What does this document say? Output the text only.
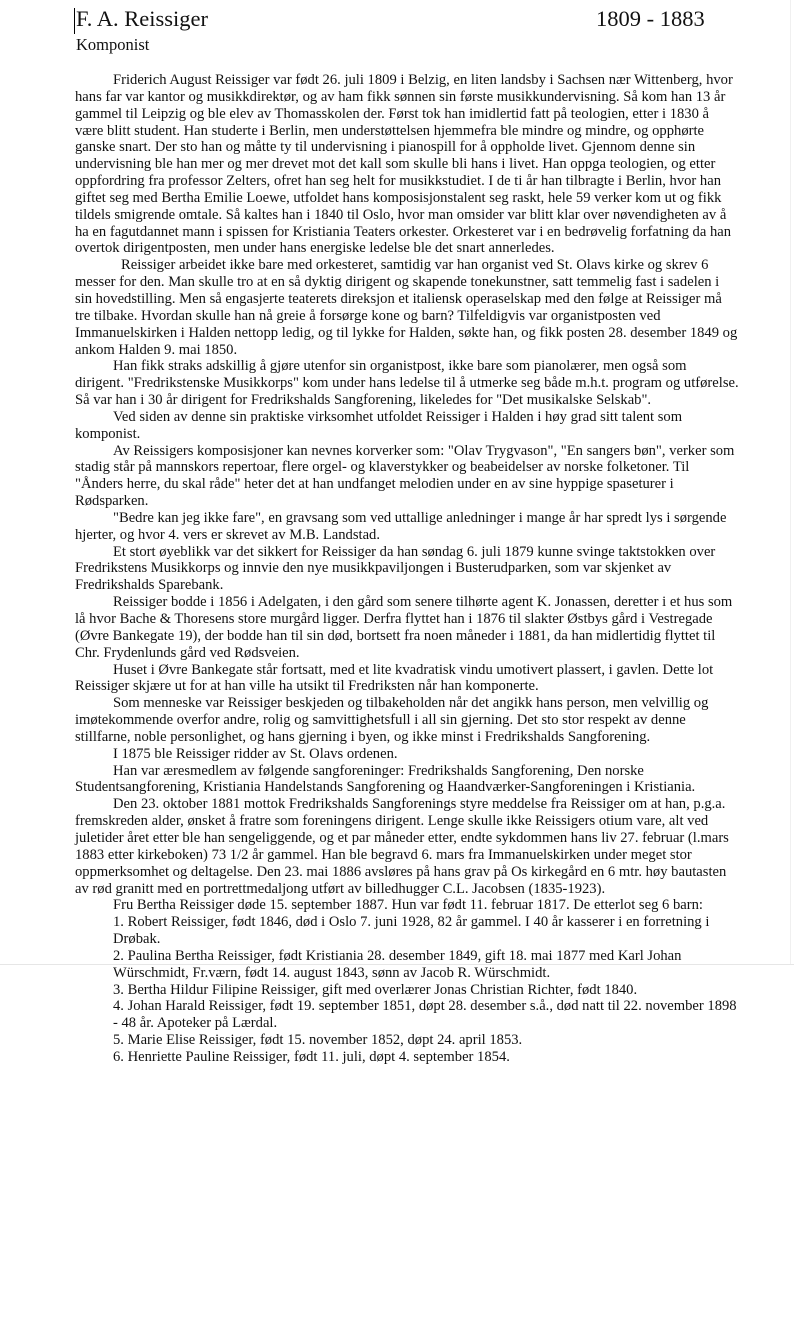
F. A. Reissiger	1809 - 1883
Komponist

Friderich August Reissiger var født 26. juli 1809 i Belzig, en liten landsby i Sachsen nær Wittenberg, hvor hans far var kantor og musikkdirektør, og av ham fikk sønnen sin første musikkundervisning. Så kom han 13 år gammel til Leipzig og ble elev av Thomasskolen der. Først tok han imidlertid fatt på teologien, etter i 1830 å være blitt student. Han studerte i Berlin, men understøttelsen hjemmefra ble mindre og mindre, og opphørte ganske snart. Der sto han og måtte ty til undervisning i pianospill for å oppholde livet. Gjennom denne sin undervisning ble han mer og mer drevet mot det kall som skulle bli hans i livet. Han oppga teologien, og etter oppfordring fra professor Zelters, ofret han seg helt for musikkstudiet. I de ti år han tilbragte i Berlin, hvor han giftet seg med Bertha Emilie Loewe, utfoldet hans komposisjonstalent seg raskt, hele 59 verker kom ut og fikk tildels smigrende omtale. Så kaltes han i 1840 til Oslo, hvor man omsider var blitt klar over nøvendigheten av å ha en fagutdannet mann i spissen for Kristiania Teaters orkester. Orkesteret var i en bedrøvelig forfatning da han overtok dirigentposten, men under hans energiske ledelse ble det snart annerledes.

Reissiger arbeidet ikke bare med orkesteret, samtidig var han organist ved St. Olavs kirke og skrev 6 messer for den. Man skulle tro at en så dyktig dirigent og skapende tonekunstner, satt temmelig fast i sadelen i sin hovedstilling. Men så engasjerte teaterets direksjon et italiensk operaselskap med den følge at Reissiger må tre tilbake. Hvordan skulle han nå greie å forsørge kone og barn? Tilfeldigvis var organistposten ved Immanuelskirken i Halden nettopp ledig, og til lykke for Halden, søkte han, og fikk posten 28. desember 1849 og ankom Halden 9. mai 1850.

Han fikk straks adskillig å gjøre utenfor sin organistpost, ikke bare som pianolærer, men også som dirigent. "Fredrikstenske Musikkorps" kom under hans ledelse til å utmerke seg både m.h.t. program og utførelse. Så var han i 30 år dirigent for Fredrikshalds Sangforening, likeledes for "Det musikalske Selskab".

Ved siden av denne sin praktiske virksomhet utfoldet Reissiger i Halden i høy grad sitt talent som komponist.

Av Reissigers komposisjoner kan nevnes korverker som: "Olav Trygvason", "En sangers bøn", verker som stadig står på mannskors repertoar, flere orgel- og klaverstykker og beabeidelser av norske folketoner. Til "Ånders herre, du skal råde" heter det at han undfanget melodien under en av sine hyppige spaseturer i Rødsparken.

"Bedre kan jeg ikke fare", en gravsang som ved uttallige anledninger i mange år har spredt lys i sørgende hjerter, og hvor 4. vers er skrevet av M.B. Landstad.

Et stort øyeblikk var det sikkert for Reissiger da han søndag 6. juli 1879 kunne svinge taktstokken over Fredrikstens Musikkorps og innvie den nye musikkpaviljongen i Busterudparken, som var skjenket av Fredrikshalds Sparebank.

Reissiger bodde i 1856 i Adelgaten, i den gård som senere tilhørte agent K. Jonassen, deretter i et hus som lå hvor Bache & Thoresens store murgård ligger. Derfra flyttet han i 1876 til slakter Østbys gård i Vestregade (Øvre Bankegate 19), der bodde han til sin død, bortsett fra noen måneder i 1881, da han midlertidig flyttet til Chr. Frydenlunds gård ved Rødsveien.

Huset i Øvre Bankegate står fortsatt, med et lite kvadratisk vindu umotivert plassert, i gavlen. Dette lot Reissiger skjære ut for at han ville ha utsikt til Fredriksten når han komponerte.

Som menneske var Reissiger beskjeden og tilbakeholden når det angikk hans person, men velvillig og imøtekommende overfor andre, rolig og samvittighetsfull i all sin gjerning. Det sto stor respekt av denne stillfarne, noble personlighet, og hans gjerning i byen, og ikke minst i Fredrikshalds Sangforening.

I 1875 ble Reissiger ridder av St. Olavs ordenen.

Han var æresmedlem av følgende sangforeninger: Fredrikshalds Sangforening, Den norske Studentsangforening, Kristiania Handelstands Sangforening og Haandværker-Sangforeningen i Kristiania.

Den 23. oktober 1881 mottok Fredrikshalds Sangforenings styre meddelse fra Reissiger om at han, p.g.a. fremskreden alder, ønsket å fratre som foreningens dirigent. Lenge skulle ikke Reissigers otium vare, alt ved juletider året etter ble han sengeliggende, og et par måneder etter, endte sykdommen hans liv 27. februar (l.mars 1883 etter kirkeboken) 73 1/2 år gammel. Han ble begravd 6. mars fra Immanuelskirken under meget stor oppmerksomhet og deltagelse. Den 23. mai 1886 avsløres på hans grav på Os kirkegård en 6 mtr. høy bautasten av rød granitt med en portrettmedaljong utført av billedhugger C.L. Jacobsen (1835-1923).

Fru Bertha Reissiger døde 15. september 1887. Hun var født 11. februar 1817. De etterlot seg 6 barn:

1. Robert Reissiger, født 1846, død i Oslo 7. juni 1928, 82 år gammel. I 40 år kasserer i en forretning i Drøbak.

2. Paulina Bertha Reissiger, født Kristiania 28. desember 1849, gift 18. mai 1877 med Karl Johan Würschmidt, Fr.værn, født 14. august 1843, sønn av Jacob R. Würschmidt.

3. Bertha Hildur Filipine Reissiger, gift med overlærer Jonas Christian Richter, født 1840.

4. Johan Harald Reissiger, født 19. september 1851, døpt 28. desember s.å., død natt til 22. november 1898 - 48 år. Apoteker på Lærdal.

5. Marie Elise Reissiger, født 15. november 1852, døpt 24. april 1853.

6. Henriette Pauline Reissiger, født 11. juli, døpt 4. september 1854.
